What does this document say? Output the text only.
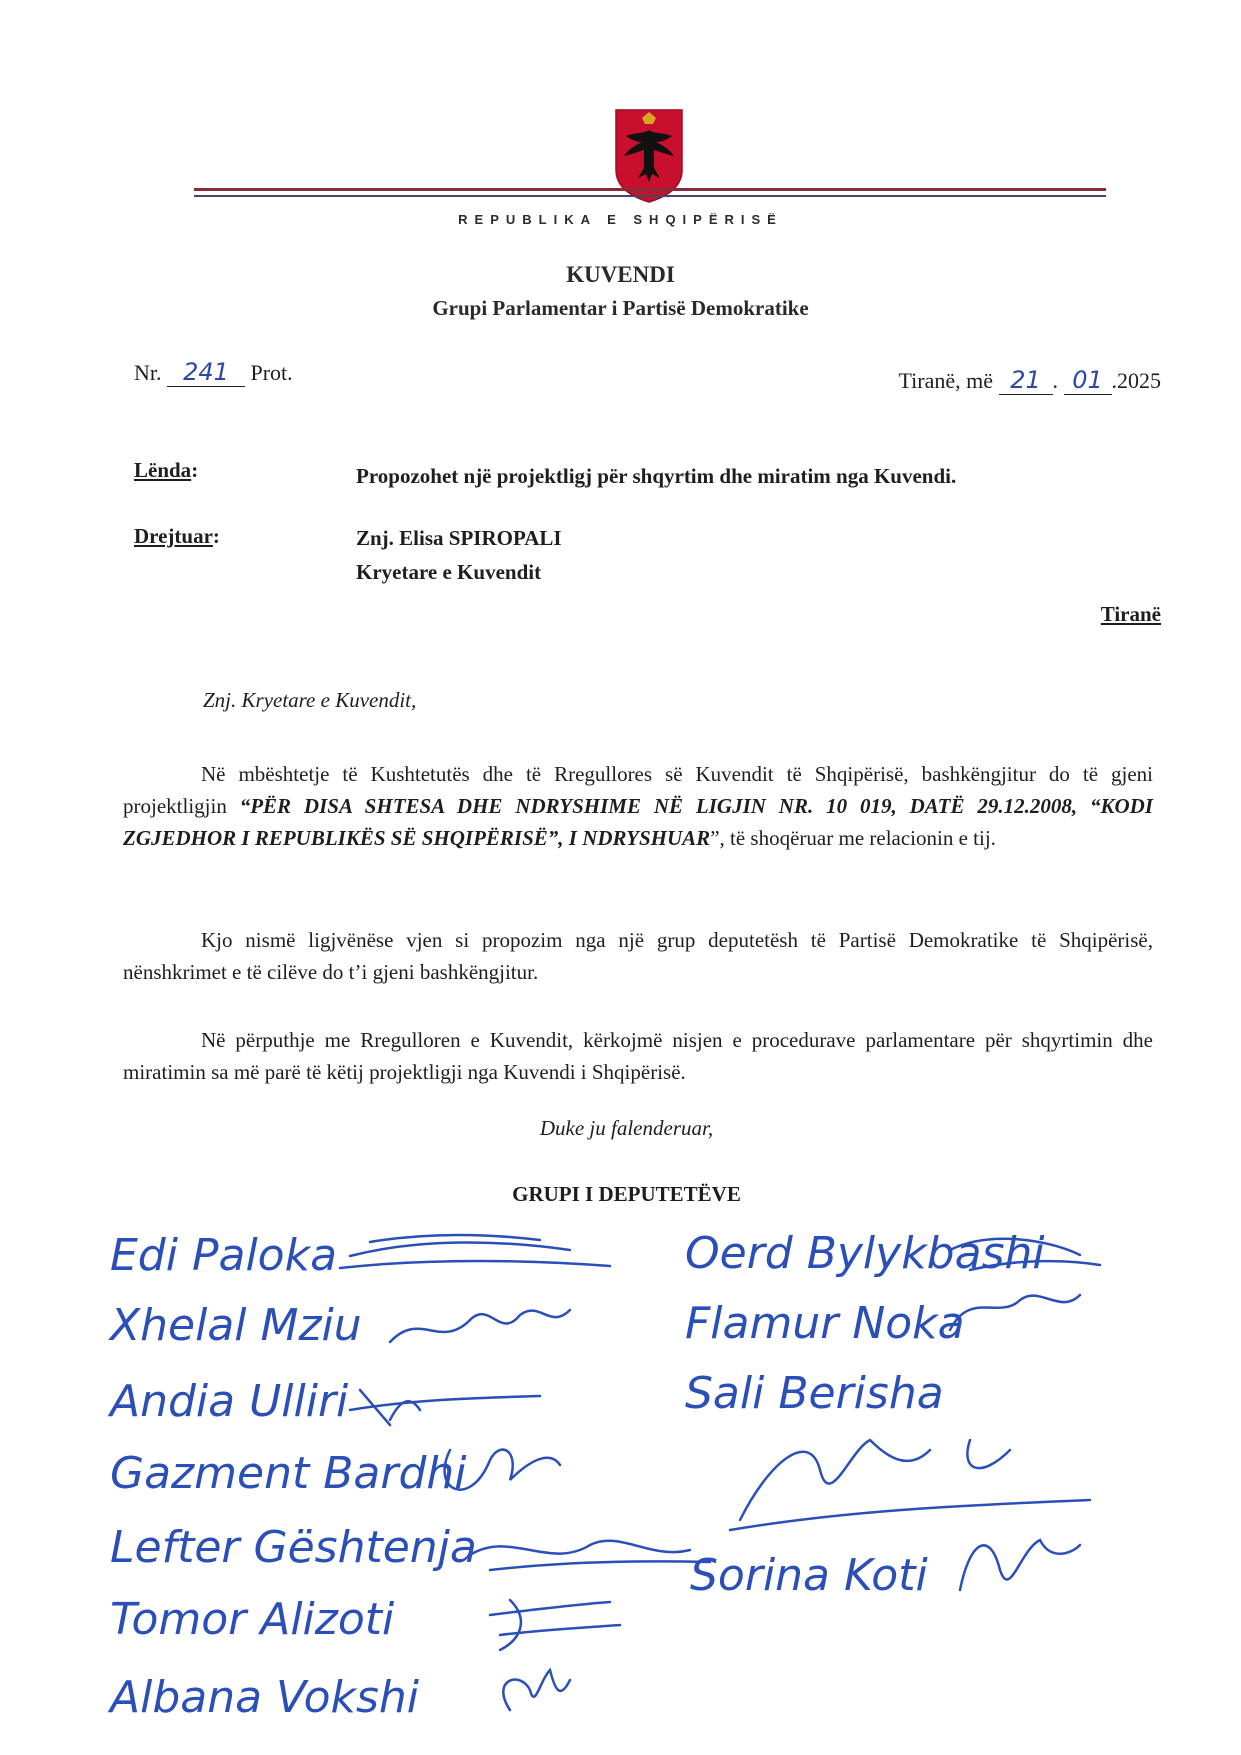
REPUBLIKA E SHQIPËRISË
KUVENDI
Grupi Parlamentar i Partisë Demokratike
Nr. 241 Prot.	Tiranë, më 21 . 01 .2025
Lënda:	Propozohet një projektligj për shqyrtim dhe miratim nga Kuvendi.
Drejtuar:	Znj. Elisa SPIROPALI
Kryetare e Kuvendit
Tiranë
Znj. Kryetare e Kuvendit,
Në mbështetje të Kushtetutës dhe të Rregullores së Kuvendit të Shqipërisë, bashkëngjitur do të gjeni projektligjin “PËR DISA SHTESA DHE NDRYSHIME NË LIGJIN NR. 10 019, DATË 29.12.2008, “KODI ZGJEDHOR I REPUBLIKËS SË SHQIPËRISË”, I NDRYSHUAR”, të shoqëruar me relacionin e tij.
Kjo nismë ligjvënëse vjen si propozim nga një grup deputetësh të Partisë Demokratike të Shqipërisë, nënshkrimet e të cilëve do t’i gjeni bashkëngjitur.
Në përputhje me Rregulloren e Kuvendit, kërkojmë nisjen e procedurave parlamentare për shqyrtimin dhe miratimin sa më parë të këtij projektligji nga Kuvendi i Shqipërisë.
Duke ju falenderuar,
GRUPI I DEPUTETËVE
Edi Paloka
Xhelal Mziu
Andia Ulliri
Gazment Bardhi
Lefter Gështenja
Tomor Alizoti
Albana Vokshi
Oerd Bylykbashi
Flamur Noka
Sali Berisha
Sorina Koti
